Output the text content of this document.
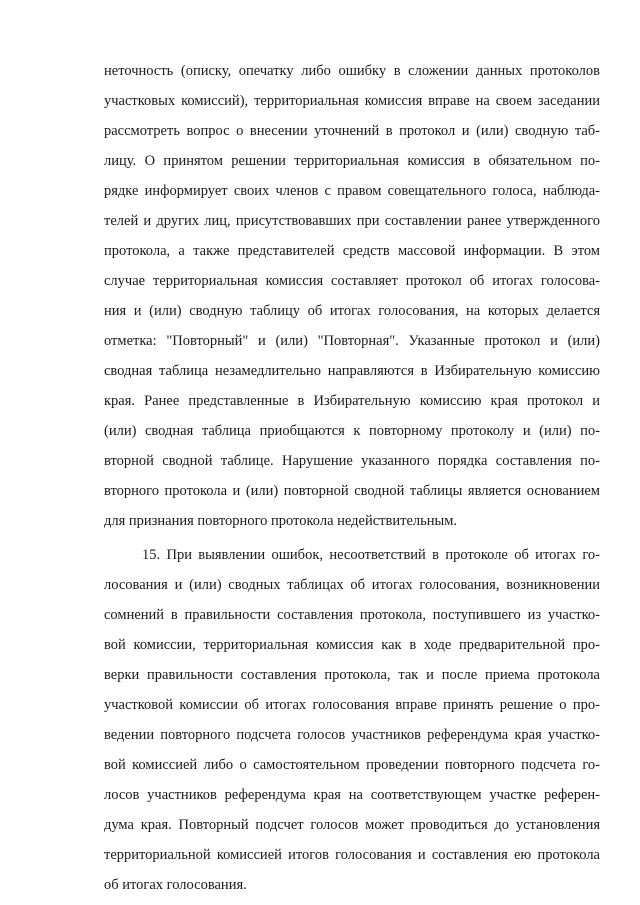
неточность (описку, опечатку либо ошибку в сложении данных протоколов
участковых комиссий), территориальная комиссия вправе на своем заседании
рассмотреть вопрос о внесении уточнений в протокол и (или) сводную таб-
лицу. О принятом решении территориальная комиссия в обязательном по-
рядке информирует своих членов с правом совещательного голоса, наблюда-
телей и других лиц, присутствовавших при составлении ранее утвержденного
протокола, а также представителей средств массовой информации. В этом
случае территориальная комиссия составляет протокол об итогах голосова-
ния и (или) сводную таблицу об итогах голосования, на которых делается
отметка: "Повторный" и (или) "Повторная". Указанные протокол и (или)
сводная таблица незамедлительно направляются в Избирательную комиссию
края. Ранее представленные в Избирательную комиссию края протокол и
(или) сводная таблица приобщаются к повторному протоколу и (или) по-
вторной сводной таблице. Нарушение указанного порядка составления по-
вторного протокола и (или) повторной сводной таблицы является основанием
для признания повторного протокола недействительным.
15. При выявлении ошибок, несоответствий в протоколе об итогах го-
лосования и (или) сводных таблицах об итогах голосования, возникновении
сомнений в правильности составления протокола, поступившего из участко-
вой комиссии, территориальная комиссия как в ходе предварительной про-
верки правильности составления протокола, так и после приема протокола
участковой комиссии об итогах голосования вправе принять решение о про-
ведении повторного подсчета голосов участников референдума края участко-
вой комиссией либо о самостоятельном проведении повторного подсчета го-
лосов участников референдума края на соответствующем участке референ-
дума края. Повторный подсчет голосов может проводиться до установления
территориальной комиссией итогов голосования и составления ею протокола
об итогах голосования.
